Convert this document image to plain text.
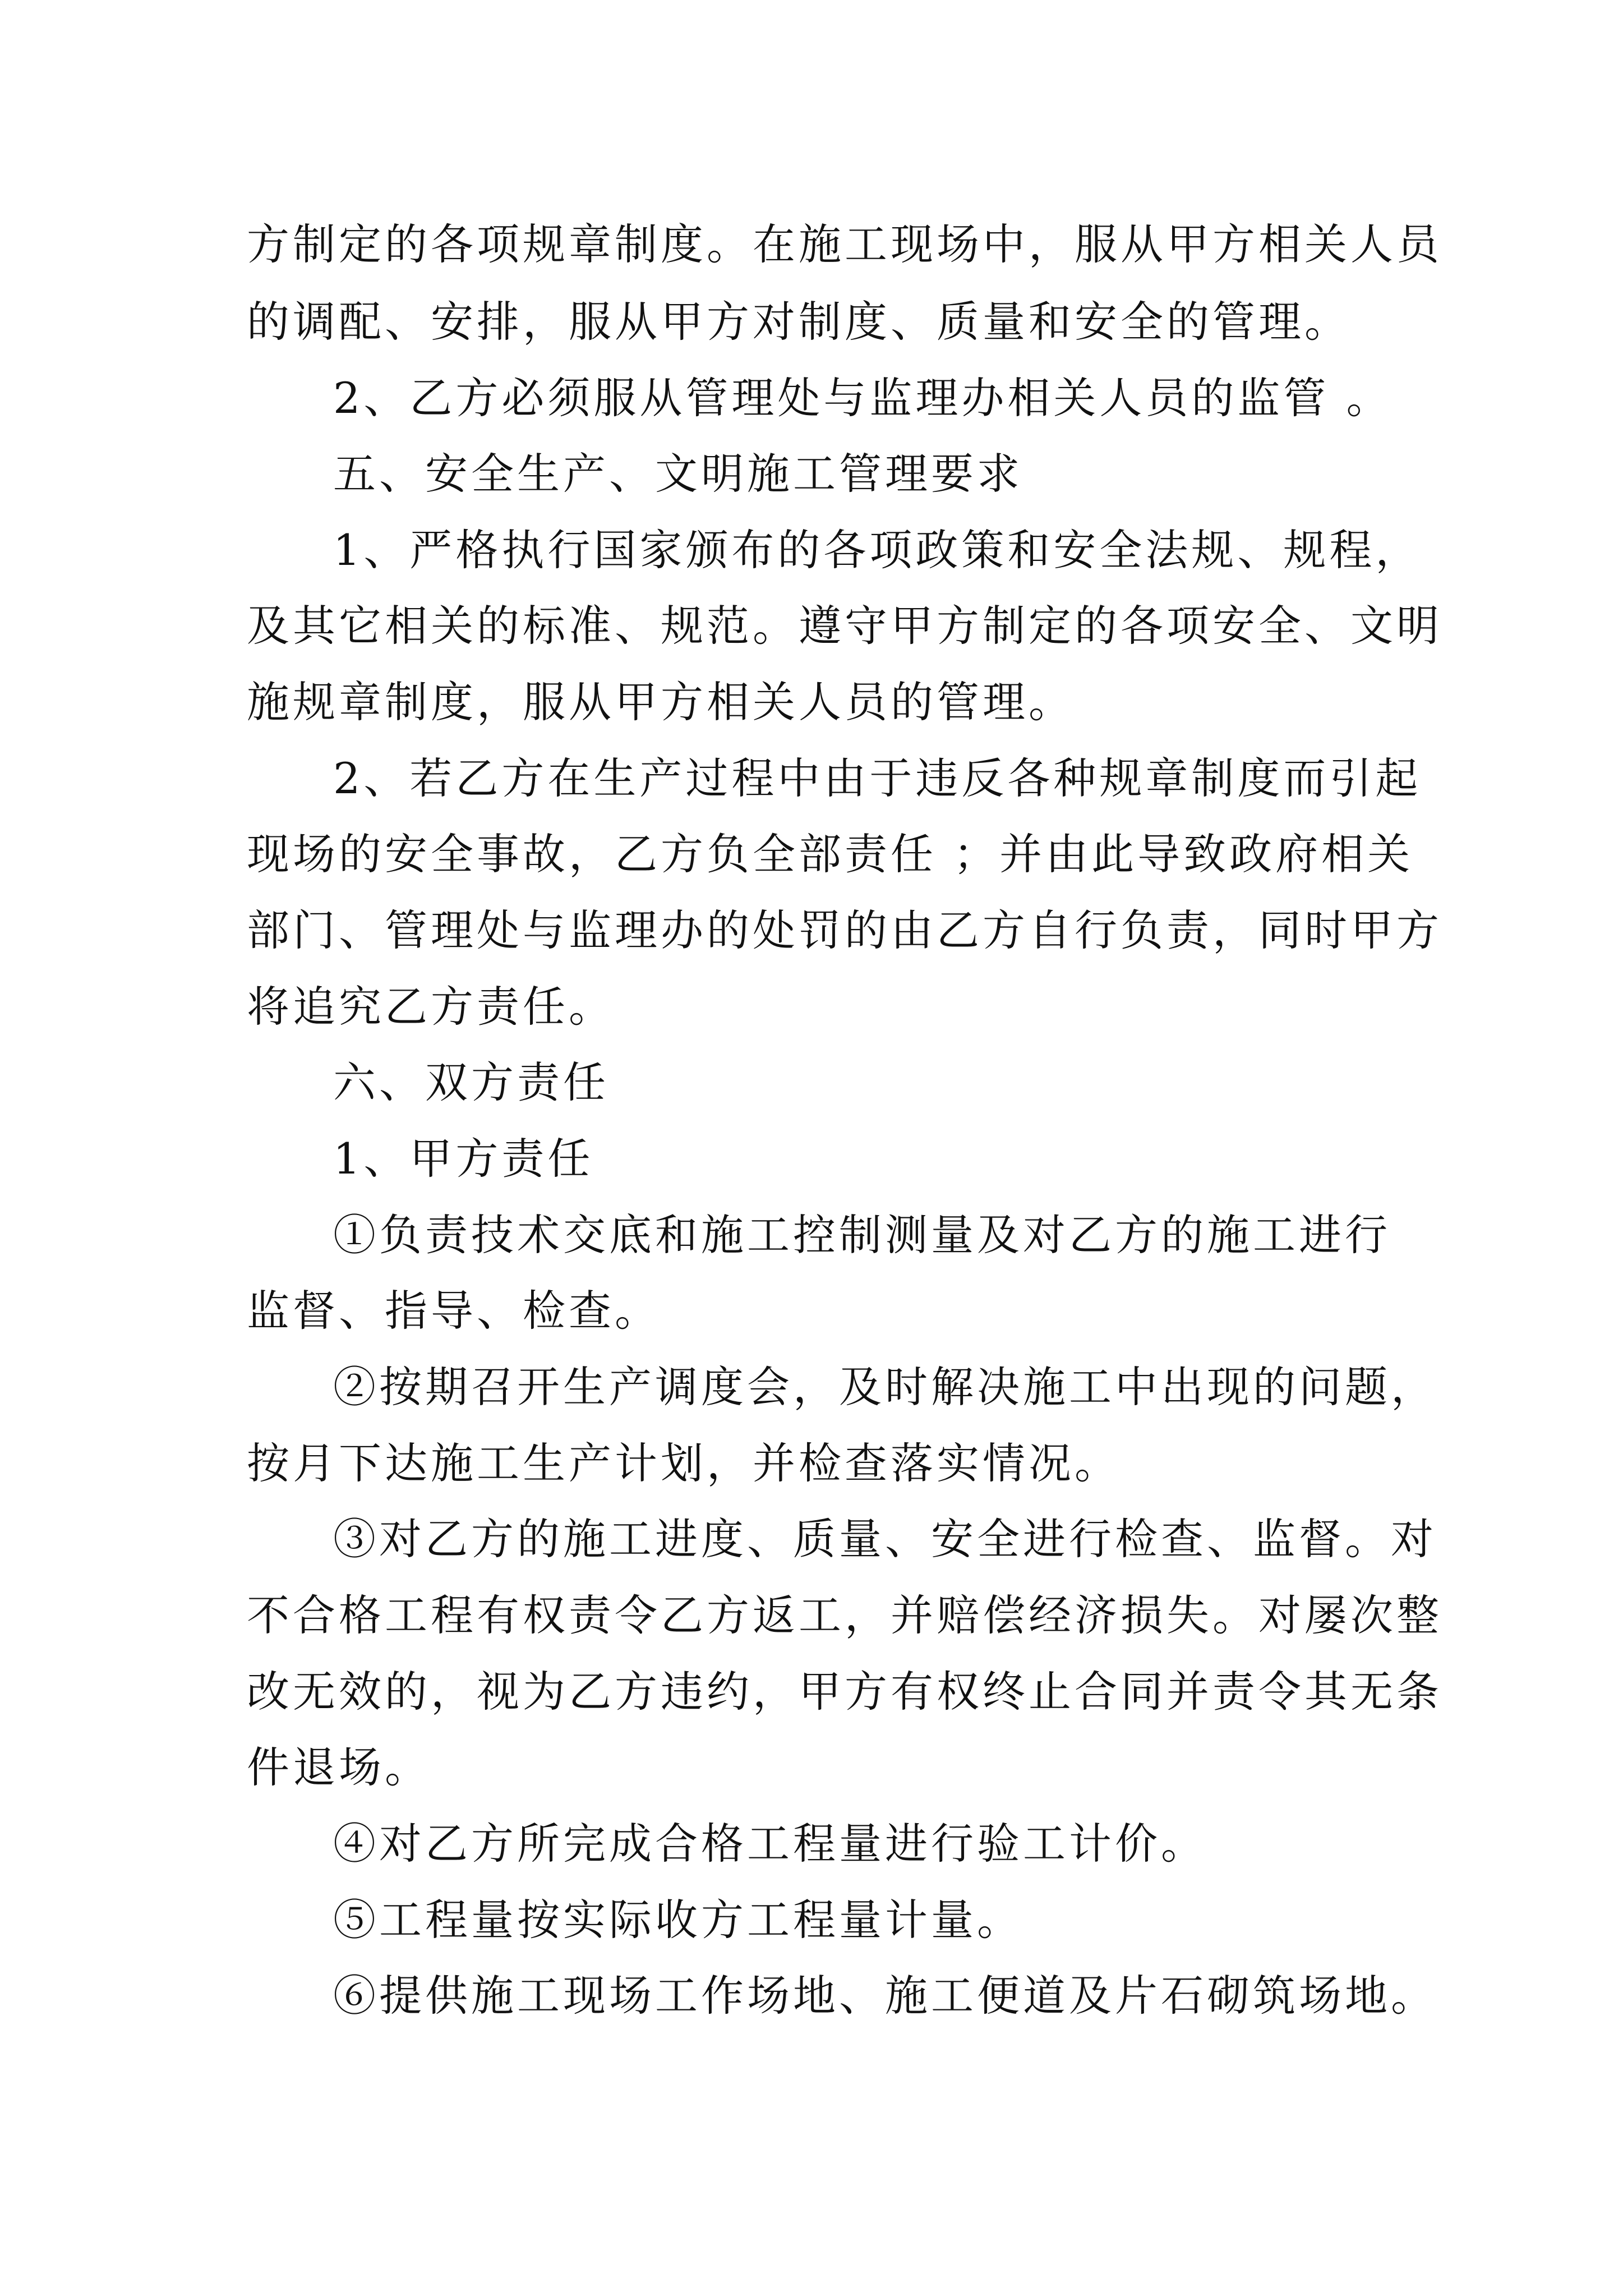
方制定的各项规章制度。在施工现场中，服从甲方相关人员

的调配、安排，服从甲方对制度、质量和安全的管理。

2、乙方必须服从管理处与监理办相关人员的监管 。

五、安全生产、文明施工管理要求

1、严格执行国家颁布的各项政策和安全法规、规程，

及其它相关的标准、规范。遵守甲方制定的各项安全、文明

施规章制度，服从甲方相关人员的管理。

2、若乙方在生产过程中由于违反各种规章制度而引起

现场的安全事故，乙方负全部责任 ；并由此导致政府相关

部门、管理处与监理办的处罚的由乙方自行负责，同时甲方

将追究乙方责任。

六、双方责任

1、甲方责任

①负责技术交底和施工控制测量及对乙方的施工进行

监督、指导、检查。

②按期召开生产调度会，及时解决施工中出现的问题，

按月下达施工生产计划，并检查落实情况。

③对乙方的施工进度、质量、安全进行检查、监督。对

不合格工程有权责令乙方返工，并赔偿经济损失。对屡次整

改无效的，视为乙方违约，甲方有权终止合同并责令其无条

件退场。

④对乙方所完成合格工程量进行验工计价。

⑤工程量按实际收方工程量计量。

⑥提供施工现场工作场地、施工便道及片石砌筑场地。
